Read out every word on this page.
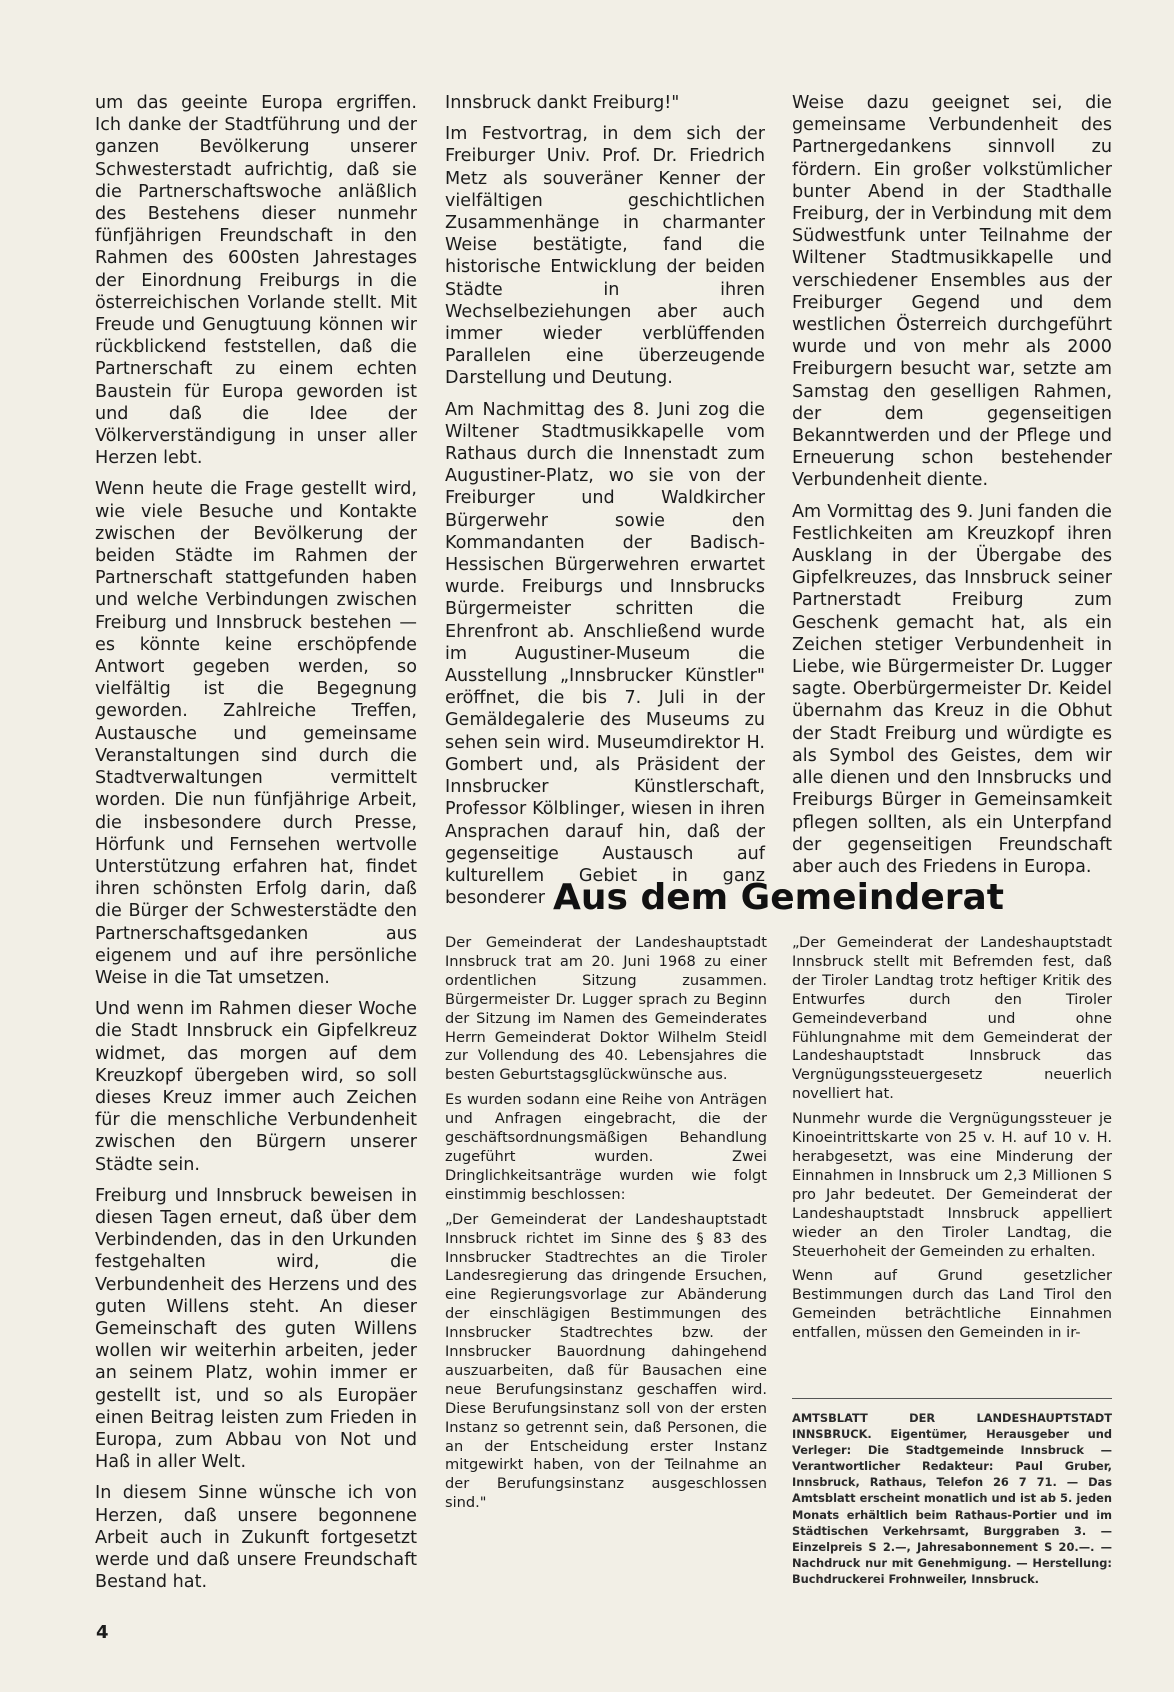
um das geeinte Europa ergriffen. Ich danke der Stadtführung und der ganzen Bevölkerung unserer Schwesterstadt aufrichtig, daß sie die Partnerschaftswoche anläßlich des Bestehens dieser nunmehr fünfjährigen Freundschaft in den Rahmen des 600sten Jahrestages der Einordnung Freiburgs in die österreichischen Vorlande stellt. Mit Freude und Genugtuung können wir rückblickend feststellen, daß die Partnerschaft zu einem echten Baustein für Europa geworden ist und daß die Idee der Völkerverständigung in unser aller Herzen lebt.

Wenn heute die Frage gestellt wird, wie viele Besuche und Kontakte zwischen der Bevölkerung der beiden Städte im Rahmen der Partnerschaft stattgefunden haben und welche Verbindungen zwischen Freiburg und Innsbruck bestehen — es könnte keine erschöpfende Antwort gegeben werden, so vielfältig ist die Begegnung geworden. Zahlreiche Treffen, Austausche und gemeinsame Veranstaltungen sind durch die Stadtverwaltungen vermittelt worden. Die nun fünfjährige Arbeit, die insbesondere durch Presse, Hörfunk und Fernsehen wertvolle Unterstützung erfahren hat, findet ihren schönsten Erfolg darin, daß die Bürger der Schwesterstädte den Partnerschaftsgedanken aus eigenem und auf ihre persönliche Weise in die Tat umsetzen.

Und wenn im Rahmen dieser Woche die Stadt Innsbruck ein Gipfelkreuz widmet, das morgen auf dem Kreuzkopf übergeben wird, so soll dieses Kreuz immer auch Zeichen für die menschliche Verbundenheit zwischen den Bürgern unserer Städte sein.

Freiburg und Innsbruck beweisen in diesen Tagen erneut, daß über dem Verbindenden, das in den Urkunden festgehalten wird, die Verbundenheit des Herzens und des guten Willens steht. An dieser Gemeinschaft des guten Willens wollen wir weiterhin arbeiten, jeder an seinem Platz, wohin immer er gestellt ist, und so als Europäer einen Beitrag leisten zum Frieden in Europa, zum Abbau von Not und Haß in aller Welt.

In diesem Sinne wünsche ich von Herzen, daß unsere begonnene Arbeit auch in Zukunft fortgesetzt werde und daß unsere Freundschaft Bestand hat.

Innsbruck dankt Freiburg!"

Im Festvortrag, in dem sich der Freiburger Univ. Prof. Dr. Friedrich Metz als souveräner Kenner der vielfältigen geschichtlichen Zusammenhänge in charmanter Weise bestätigte, fand die historische Entwicklung der beiden Städte in ihren Wechselbeziehungen aber auch immer wieder verblüffenden Parallelen eine überzeugende Darstellung und Deutung.

Am Nachmittag des 8. Juni zog die Wiltener Stadtmusikkapelle vom Rathaus durch die Innenstadt zum Augustiner-Platz, wo sie von der Freiburger und Waldkircher Bürgerwehr sowie den Kommandanten der Badisch-Hessischen Bürgerwehren erwartet wurde. Freiburgs und Innsbrucks Bürgermeister schritten die Ehrenfront ab. Anschließend wurde im Augustiner-Museum die Ausstellung „Innsbrucker Künstler" eröffnet, die bis 7. Juli in der Gemäldegalerie des Museums zu sehen sein wird. Museumdirektor H. Gombert und, als Präsident der Innsbrucker Künstlerschaft, Professor Kölblinger, wiesen in ihren Ansprachen darauf hin, daß der gegenseitige Austausch auf kulturellem Gebiet in ganz besonderer

Weise dazu geeignet sei, die gemeinsame Verbundenheit des Partnergedankens sinnvoll zu fördern. Ein großer volkstümlicher bunter Abend in der Stadthalle Freiburg, der in Verbindung mit dem Südwestfunk unter Teilnahme der Wiltener Stadtmusikkapelle und verschiedener Ensembles aus der Freiburger Gegend und dem westlichen Österreich durchgeführt wurde und von mehr als 2000 Freiburgern besucht war, setzte am Samstag den geselligen Rahmen, der dem gegenseitigen Bekanntwerden und der Pflege und Erneuerung schon bestehender Verbundenheit diente.

Am Vormittag des 9. Juni fanden die Festlichkeiten am Kreuzkopf ihren Ausklang in der Übergabe des Gipfelkreuzes, das Innsbruck seiner Partnerstadt Freiburg zum Geschenk gemacht hat, als ein Zeichen stetiger Verbundenheit in Liebe, wie Bürgermeister Dr. Lugger sagte. Oberbürgermeister Dr. Keidel übernahm das Kreuz in die Obhut der Stadt Freiburg und würdigte es als Symbol des Geistes, dem wir alle dienen und den Innsbrucks und Freiburgs Bürger in Gemeinsamkeit pflegen sollten, als ein Unterpfand der gegenseitigen Freundschaft aber auch des Friedens in Europa.

Aus dem Gemeinderat

Der Gemeinderat der Landeshauptstadt Innsbruck trat am 20. Juni 1968 zu einer ordentlichen Sitzung zusammen. Bürgermeister Dr. Lugger sprach zu Beginn der Sitzung im Namen des Gemeinderates Herrn Gemeinderat Doktor Wilhelm Steidl zur Vollendung des 40. Lebensjahres die besten Geburtstagsglückwünsche aus.

Es wurden sodann eine Reihe von Anträgen und Anfragen eingebracht, die der geschäftsordnungsmäßigen Behandlung zugeführt wurden. Zwei Dringlichkeitsanträge wurden wie folgt einstimmig beschlossen:

„Der Gemeinderat der Landeshauptstadt Innsbruck richtet im Sinne des § 83 des Innsbrucker Stadtrechtes an die Tiroler Landesregierung das dringende Ersuchen, eine Regierungsvorlage zur Abänderung der einschlägigen Bestimmungen des Innsbrucker Stadtrechtes bzw. der Innsbrucker Bauordnung dahingehend auszuarbeiten, daß für Bausachen eine neue Berufungsinstanz geschaffen wird. Diese Berufungsinstanz soll von der ersten Instanz so getrennt sein, daß Personen, die an der Entscheidung erster Instanz mitgewirkt haben, von der Teilnahme an der Berufungsinstanz ausgeschlossen sind."

„Der Gemeinderat der Landeshauptstadt Innsbruck stellt mit Befremden fest, daß der Tiroler Landtag trotz heftiger Kritik des Entwurfes durch den Tiroler Gemeindeverband und ohne Fühlungnahme mit dem Gemeinderat der Landeshauptstadt Innsbruck das Vergnügungssteuergesetz neuerlich novelliert hat.

Nunmehr wurde die Vergnügungssteuer je Kinoeintrittskarte von 25 v. H. auf 10 v. H. herabgesetzt, was eine Minderung der Einnahmen in Innsbruck um 2,3 Millionen S pro Jahr bedeutet. Der Gemeinderat der Landeshauptstadt Innsbruck appelliert wieder an den Tiroler Landtag, die Steuerhoheit der Gemeinden zu erhalten.

Wenn auf Grund gesetzlicher Bestimmungen durch das Land Tirol den Gemeinden beträchtliche Einnahmen entfallen, müssen den Gemeinden in ir-

AMTSBLATT DER LANDESHAUPTSTADT INNSBRUCK. Eigentümer, Herausgeber und Verleger: Die Stadtgemeinde Innsbruck — Verantwortlicher Redakteur: Paul Gruber, Innsbruck, Rathaus, Telefon 26 7 71. — Das Amtsblatt erscheint monatlich und ist ab 5. jeden Monats erhältlich beim Rathaus-Portier und im Städtischen Verkehrsamt, Burggraben 3. — Einzelpreis S 2.—, Jahresabonnement S 20.—. — Nachdruck nur mit Genehmigung. — Herstellung: Buchdruckerei Frohnweiler, Innsbruck.
4
